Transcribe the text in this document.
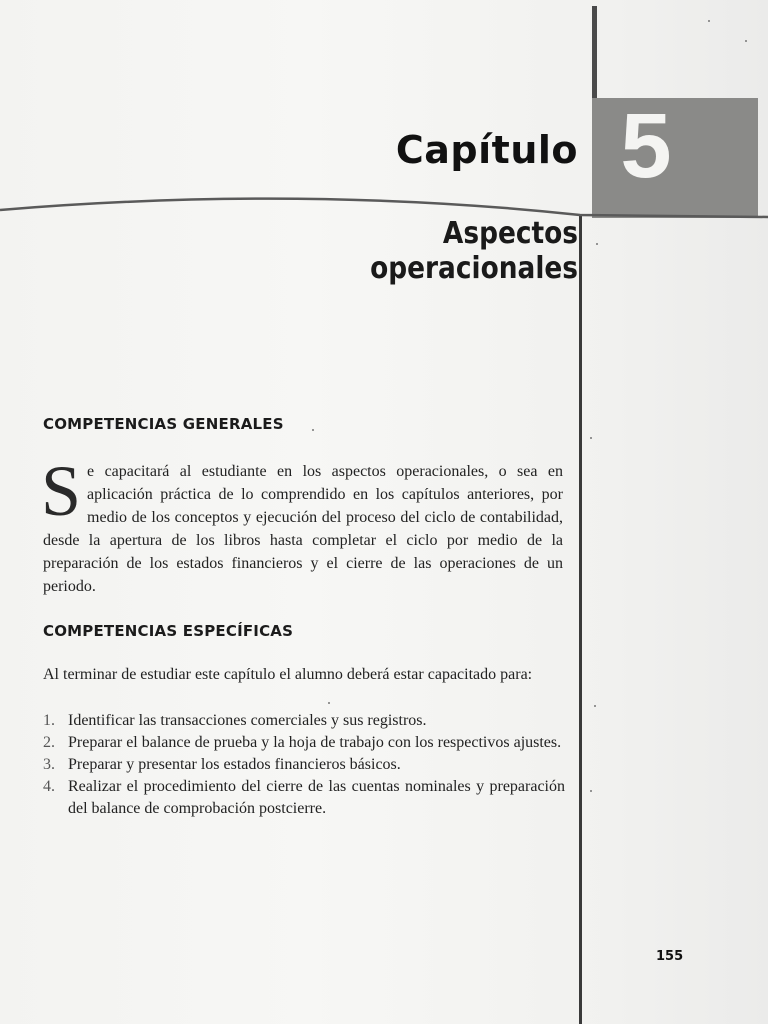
5
Capítulo
Aspectos operacionales
COMPETENCIAS GENERALES
Se capacitará al estudiante en los aspectos operacionales, o sea en aplicación práctica de lo comprendido en los capítulos anteriores, por medio de los conceptos y ejecución del proceso del ciclo de contabilidad, desde la apertura de los libros hasta completar el ciclo por medio de la preparación de los estados financieros y el cierre de las operaciones de un periodo.
COMPETENCIAS ESPECÍFICAS
Al terminar de estudiar este capítulo el alumno deberá estar capacitado para:
1. Identificar las transacciones comerciales y sus registros.
2. Preparar el balance de prueba y la hoja de trabajo con los respectivos ajustes.
3. Preparar y presentar los estados financieros básicos.
4. Realizar el procedimiento del cierre de las cuentas nominales y preparación del balance de comprobación postcierre.
155
